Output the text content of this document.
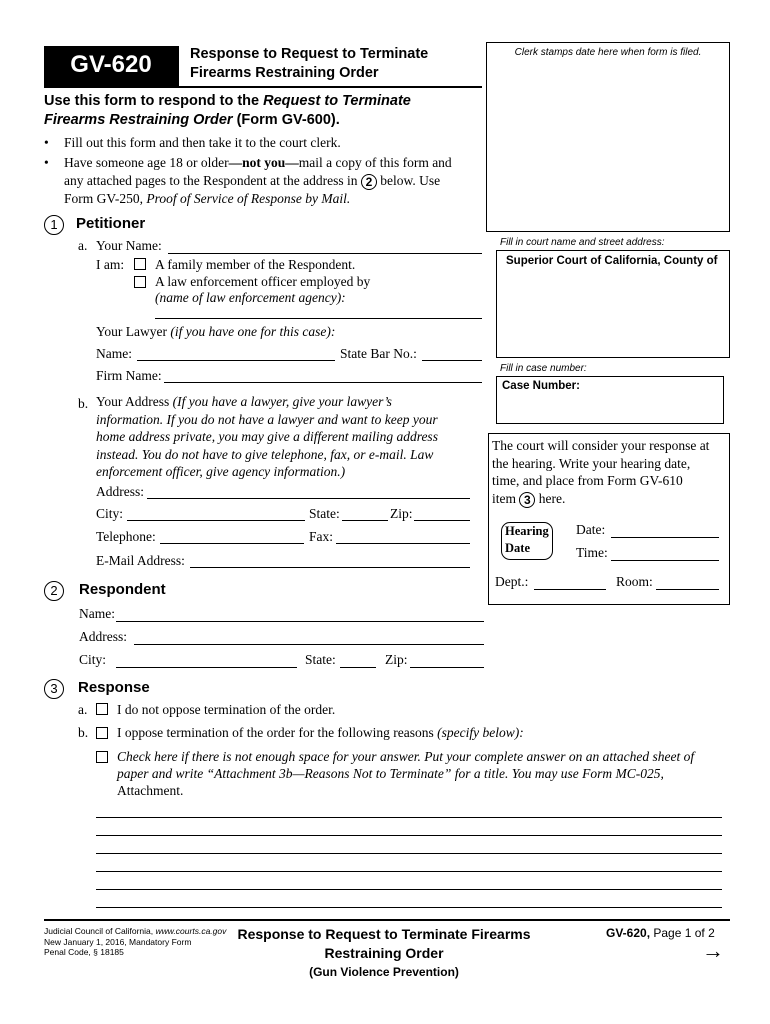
GV-620	Response to Request to Terminate
Firearms Restraining Order
Clerk stamps date here when form is filed.
Use this form to respond to the Request to Terminate
Firearms Restraining Order (Form GV-600).
• Fill out this form and then take it to the court clerk.
• Have someone age 18 or older—not you—mail a copy of this form and
any attached pages to the Respondent at the address in 2 below. Use
Form GV-250, Proof of Service of Response by Mail.
Fill in court name and street address:
Superior Court of California, County of
Fill in case number:
Case Number:
The court will consider your response at
the hearing. Write your hearing date,
time, and place from Form GV-610
item 3 here.
Hearing
Date
Date:
Time:
Dept.:	Room:
1	Petitioner
a. Your Name:
I am: A family member of the Respondent.
A law enforcement officer employed by
(name of law enforcement agency):
Your Lawyer (if you have one for this case):
Name:	State Bar No.:
Firm Name:
b. Your Address (If you have a lawyer, give your lawyer’s
information. If you do not have a lawyer and want to keep your
home address private, you may give a different mailing address
instead. You do not have to give telephone, fax, or e-mail. Law
enforcement officer, give agency information.)
Address:
City:	State:	Zip:
Telephone:	Fax:
E-Mail Address:
2	Respondent
Name:
Address:
City:	State:	Zip:
3	Response
a. I do not oppose termination of the order.
b. I oppose termination of the order for the following reasons (specify below):
Check here if there is not enough space for your answer. Put your complete answer on an attached sheet of
paper and write “Attachment 3b—Reasons Not to Terminate” for a title. You may use Form MC-025,
Attachment.
Judicial Council of California, www.courts.ca.gov
New January 1, 2016, Mandatory Form
Penal Code, § 18185
Response to Request to Terminate Firearms
Restraining Order
(Gun Violence Prevention)
GV-620, Page 1 of 2
→
